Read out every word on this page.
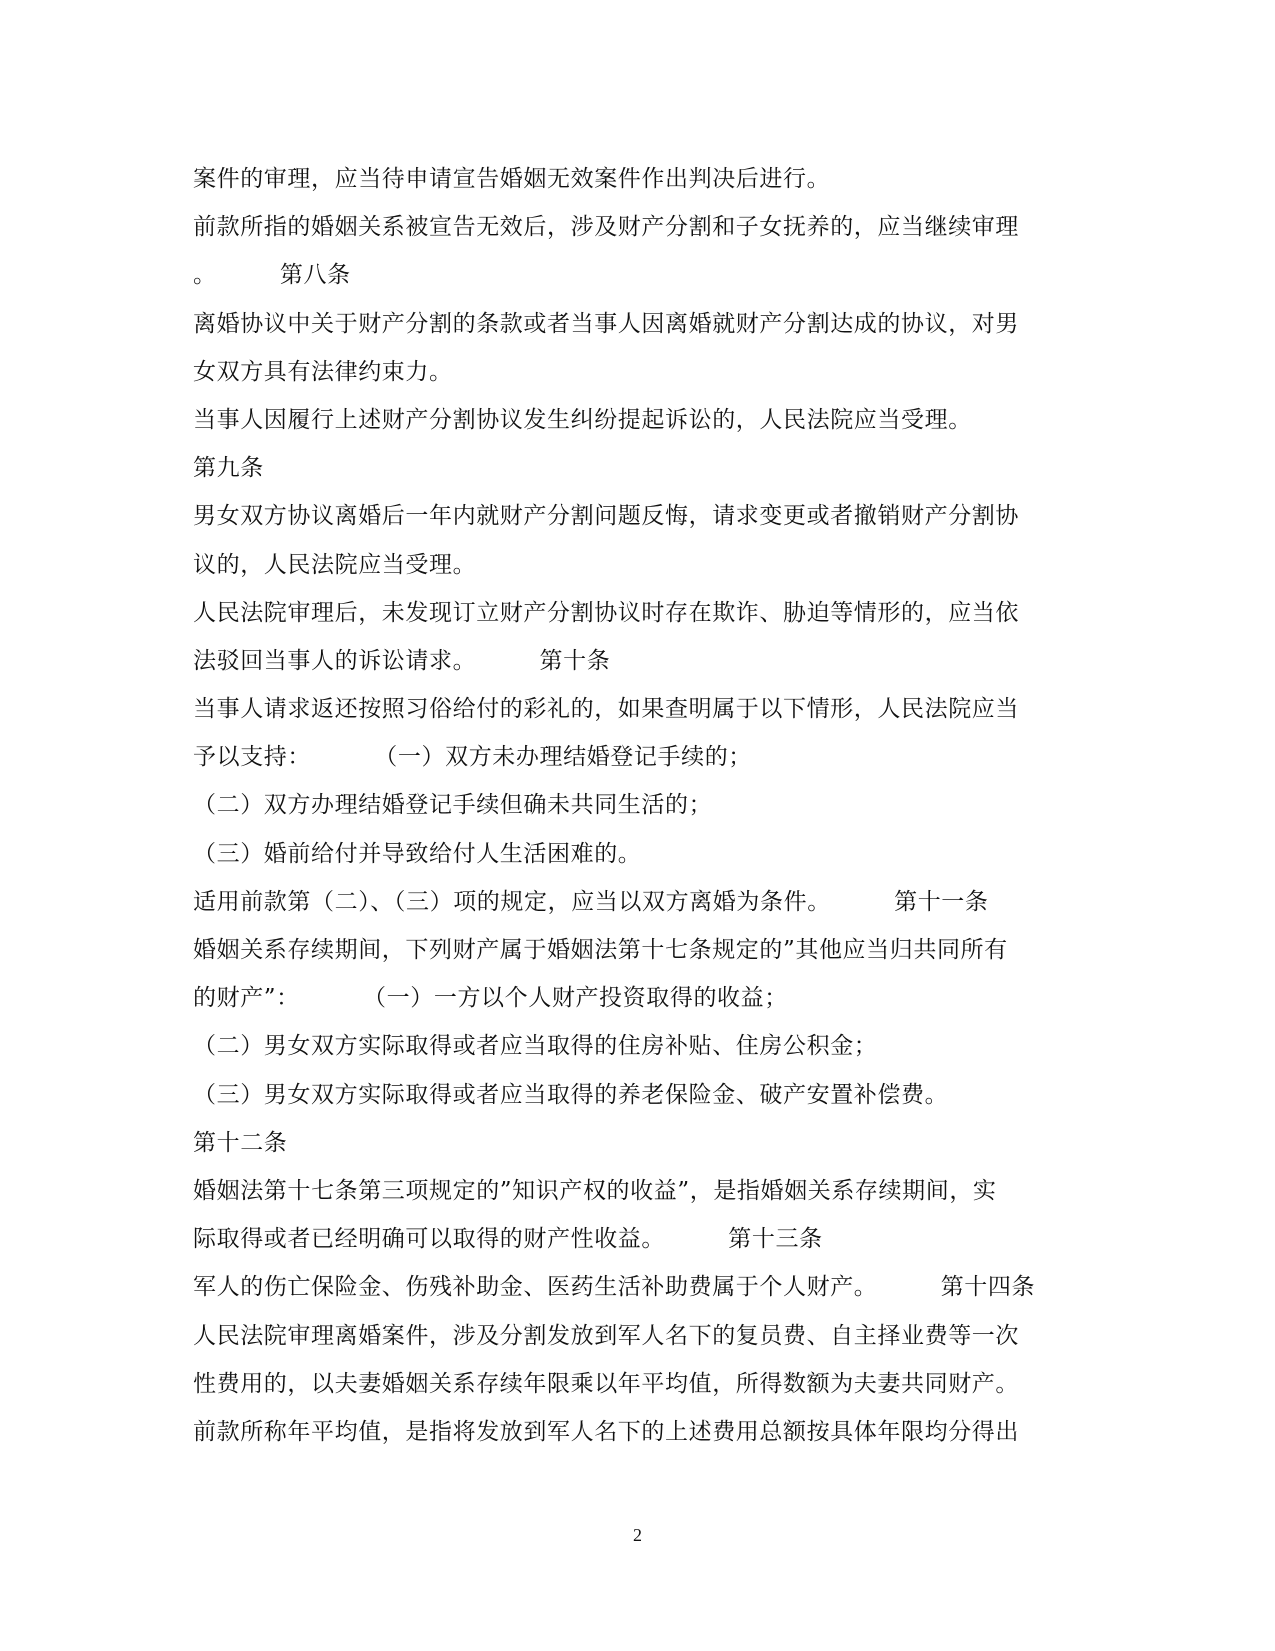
案件的审理，应当待申请宣告婚姻无效案件作出判决后进行。
前款所指的婚姻关系被宣告无效后，涉及财产分割和子女抚养的，应当继续审理
。        第八条
离婚协议中关于财产分割的条款或者当事人因离婚就财产分割达成的协议，对男
女双方具有法律约束力。
当事人因履行上述财产分割协议发生纠纷提起诉讼的，人民法院应当受理。
第九条
男女双方协议离婚后一年内就财产分割问题反悔，请求变更或者撤销财产分割协
议的，人民法院应当受理。
人民法院审理后，未发现订立财产分割协议时存在欺诈、胁迫等情形的，应当依
法驳回当事人的诉讼请求。        第十条
当事人请求返还按照习俗给付的彩礼的，如果查明属于以下情形，人民法院应当
予以支持：        （一）双方未办理结婚登记手续的；
（二）双方办理结婚登记手续但确未共同生活的；
（三）婚前给付并导致给付人生活困难的。
适用前款第（二）、（三）项的规定，应当以双方离婚为条件。        第十一条
婚姻关系存续期间，下列财产属于婚姻法第十七条规定的”其他应当归共同所有
的财产”：        （一）一方以个人财产投资取得的收益；
（二）男女双方实际取得或者应当取得的住房补贴、住房公积金；
（三）男女双方实际取得或者应当取得的养老保险金、破产安置补偿费。
第十二条
婚姻法第十七条第三项规定的”知识产权的收益”，是指婚姻关系存续期间，实
际取得或者已经明确可以取得的财产性收益。        第十三条
军人的伤亡保险金、伤残补助金、医药生活补助费属于个人财产。        第十四条
人民法院审理离婚案件，涉及分割发放到军人名下的复员费、自主择业费等一次
性费用的，以夫妻婚姻关系存续年限乘以年平均值，所得数额为夫妻共同财产。
前款所称年平均值，是指将发放到军人名下的上述费用总额按具体年限均分得出
2
